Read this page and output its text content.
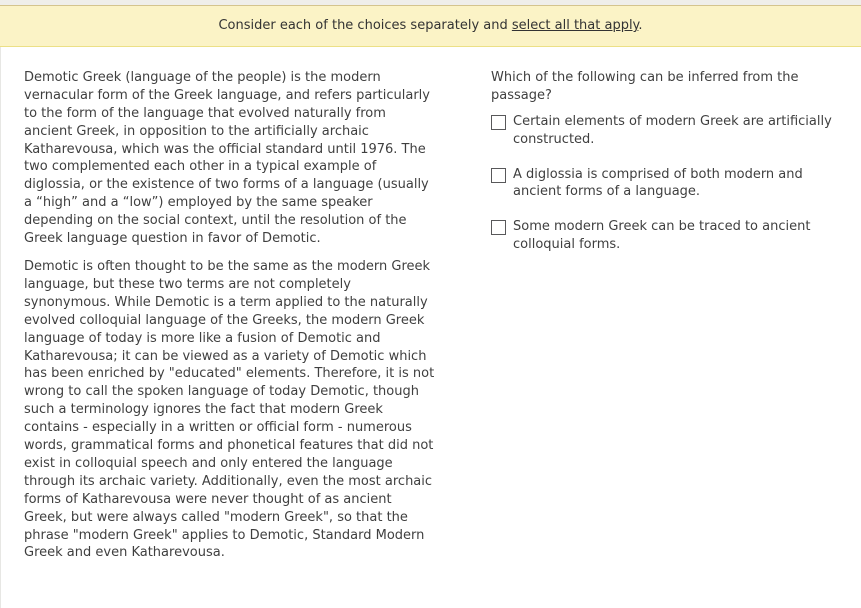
Consider each of the choices separately and select all that apply.

Demotic Greek (language of the people) is the modern vernacular form of the Greek language, and refers particularly to the form of the language that evolved naturally from ancient Greek, in opposition to the artificially archaic Katharevousa, which was the official standard until 1976. The two complemented each other in a typical example of diglossia, or the existence of two forms of a language (usually a “high” and a “low”) employed by the same speaker depending on the social context, until the resolution of the Greek language question in favor of Demotic.

Demotic is often thought to be the same as the modern Greek language, but these two terms are not completely synonymous. While Demotic is a term applied to the naturally evolved colloquial language of the Greeks, the modern Greek language of today is more like a fusion of Demotic and Katharevousa; it can be viewed as a variety of Demotic which has been enriched by "educated" elements. Therefore, it is not wrong to call the spoken language of today Demotic, though such a terminology ignores the fact that modern Greek contains - especially in a written or official form - numerous words, grammatical forms and phonetical features that did not exist in colloquial speech and only entered the language through its archaic variety. Additionally, even the most archaic forms of Katharevousa were never thought of as ancient Greek, but were always called "modern Greek", so that the phrase "modern Greek" applies to Demotic, Standard Modern Greek and even Katharevousa.

Which of the following can be inferred from the passage?

Certain elements of modern Greek are artificially constructed.
A diglossia is comprised of both modern and ancient forms of a language.
Some modern Greek can be traced to ancient colloquial forms.
